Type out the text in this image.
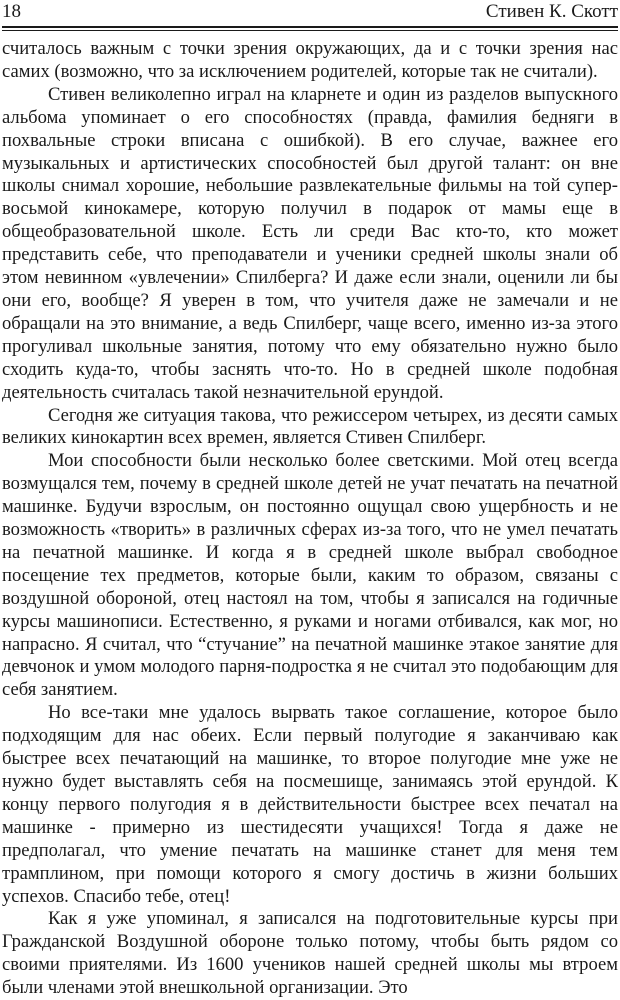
18	Стивен К. Скотт

считалось важным с точки зрения окружающих, да и с точки зрения нас самих (возможно, что за исключением родителей, которые так не считали).

Стивен великолепно играл на кларнете и один из разделов выпускного альбома упоминает о его способностях (правда, фамилия бедняги в похвальные строки вписана с ошибкой). В его случае, важнее его музыкальных и артистических способностей был другой талант: он вне школы снимал хорошие, небольшие развлекательные фильмы на той супер-восьмой кинокамере, которую получил в подарок от мамы еще в общеобразовательной школе. Есть ли среди Вас кто-то, кто может представить себе, что преподаватели и ученики средней школы знали об этом невинном «увлечении» Спилберга? И даже если знали, оценили ли бы они его, вообще? Я уверен в том, что учителя даже не замечали и не обращали на это внимание, а ведь Спилберг, чаще всего, именно из-за этого прогуливал школьные занятия, потому что ему обязательно нужно было сходить куда-то, чтобы заснять что-то. Но в средней школе подобная деятельность считалась такой незначительной ерундой.

Сегодня же ситуация такова, что режиссером четырех, из десяти самых великих кинокартин всех времен, является Стивен Спилберг.

Мои способности были несколько более светскими. Мой отец всегда возмущался тем, почему в средней школе детей не учат печатать на печатной машинке. Будучи взрослым, он постоянно ощущал свою ущербность и не возможность «творить» в различных сферах из-за того, что не умел печатать на печатной машинке. И когда я в средней школе выбрал свободное посещение тех предметов, которые были, каким то образом, связаны с воздушной обороной, отец настоял на том, чтобы я записался на годичные курсы машинописи. Естественно, я руками и ногами отбивался, как мог, но напрасно. Я считал, что “стучание” на печатной машинке этакое занятие для девчонок и умом молодого парня-подростка я не считал это подобающим для себя занятием.

Но все-таки мне удалось вырвать такое соглашение, которое было подходящим для нас обеих. Если первый полугодие я заканчиваю как быстрее всех печатающий на машинке, то второе полугодие мне уже не нужно будет выставлять себя на посмешище, занимаясь этой ерундой. К концу первого полугодия я в действительности быстрее всех печатал на машинке - примерно из шестидесяти учащихся! Тогда я даже не предполагал, что умение печатать на машинке станет для меня тем трамплином, при помощи которого я смогу достичь в жизни больших успехов. Спасибо тебе, отец!

Как я уже упоминал, я записался на подготовительные курсы при Гражданской Воздушной обороне только потому, чтобы быть рядом со своими приятелями. Из 1600 учеников нашей средней школы мы втроем были членами этой внешкольной организации. Это
